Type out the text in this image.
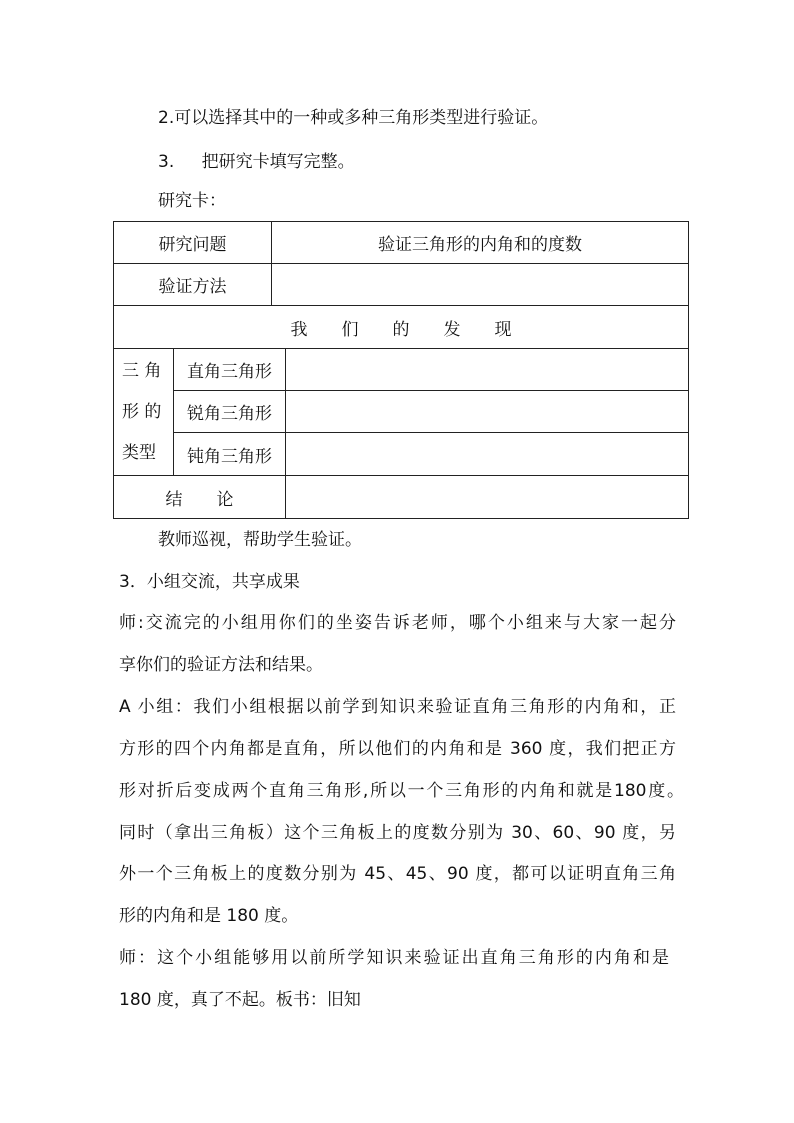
2.可以选择其中的一种或多种三角形类型进行验证。
3. 把研究卡填写完整。
研究卡：
研究问题		验证三角形的内角和的度数	
验证方法			
我　　们　　的　　发　　现			

三 角
形 的
类型	直角三角形		
	锐角三角形		
	钝角三角形		
结　　论			
教师巡视，帮助学生验证。
3．小组交流，共享成果
师:交流完的小组用你们的坐姿告诉老师，哪个小组来与大家一起分
享你们的验证方法和结果。
A 小组：我们小组根据以前学到知识来验证直角三角形的内角和，正
方形的四个内角都是直角，所以他们的内角和是 360 度，我们把正方
形对折后变成两个直角三角形,所以一个三角形的内角和就是180度。
同时（拿出三角板）这个三角板上的度数分别为 30、60、90 度，另
外一个三角板上的度数分别为 45、45、90 度，都可以证明直角三角
形的内角和是 180 度。
师：这个小组能够用以前所学知识来验证出直角三角形的内角和是
180 度，真了不起。板书：旧知
